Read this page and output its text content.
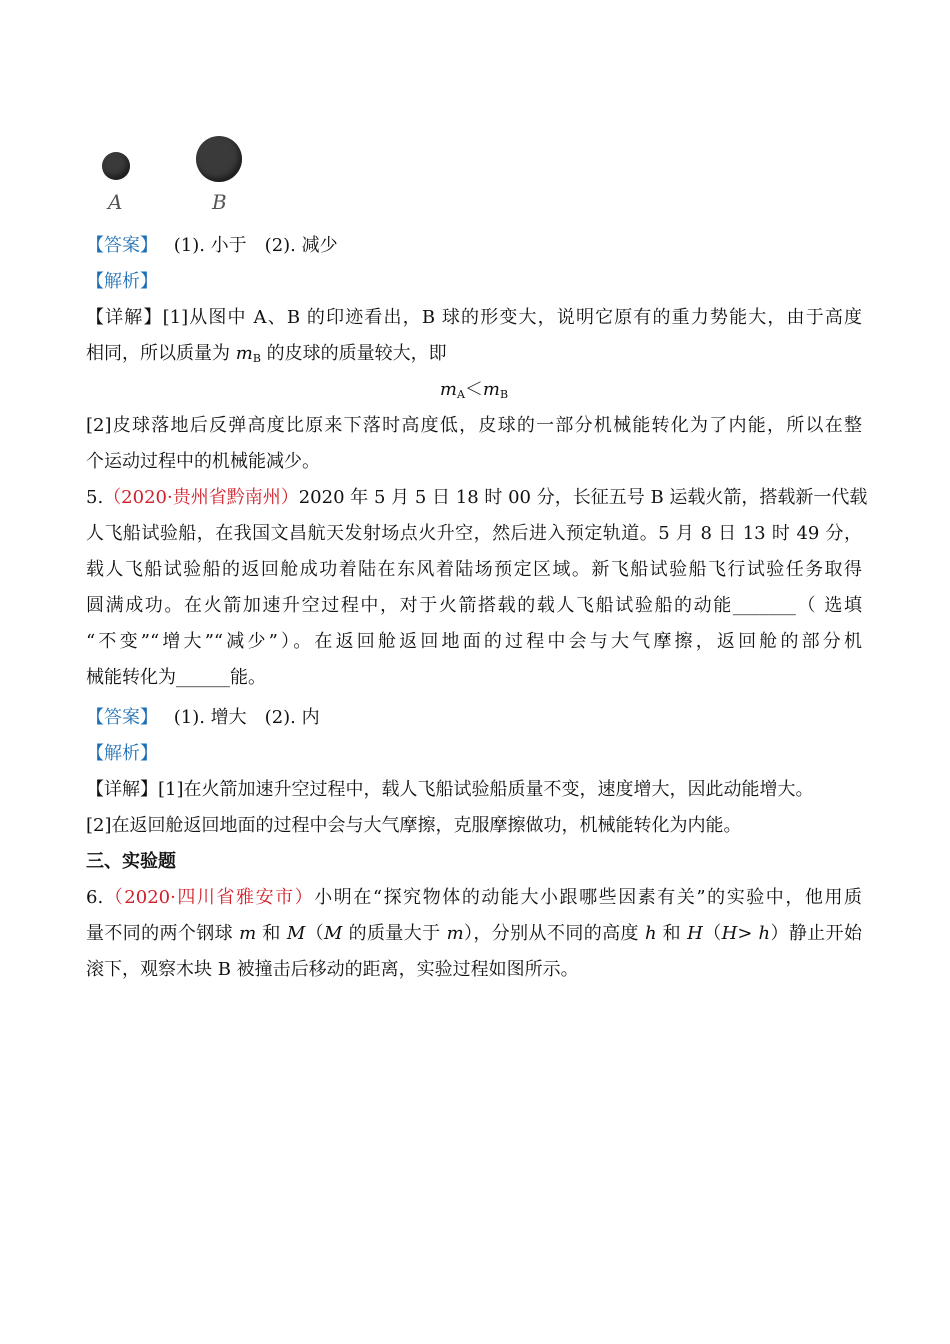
A	B
【答案】 (1). 小于　(2). 减少
【解析】
【详解】[1]从图中 A、B 的印迹看出，B 球的形变大，说明它原有的重力势能大，由于高度
相同，所以质量为 $m_B$ 的皮球的质量较大，即
$m_A<m_B$
[2]皮球落地后反弹高度比原来下落时高度低，皮球的一部分机械能转化为了内能，所以在整
个运动过程中的机械能减少。
5.（2020·贵州省黔南州）2020 年 5 月 5 日 18 时 00 分，长征五号 B 运载火箭，搭载新一代载
人飞船试验船，在我国文昌航天发射场点火升空，然后进入预定轨道。5 月 8 日 13 时 49 分，
载人飞船试验船的返回舱成功着陆在东风着陆场预定区域。新飞船试验船飞行试验任务取得
圆满成功。在火箭加速升空过程中，对于火箭搭载的载人飞船试验船的动能_______（ 选填
“不变”“增大”“减少”）。在返回舱返回地面的过程中会与大气摩擦，返回舱的部分机
械能转化为______能。
【答案】 (1). 增大　(2). 内
【解析】
【详解】[1]在火箭加速升空过程中，载人飞船试验船质量不变，速度增大，因此动能增大。
[2]在返回舱返回地面的过程中会与大气摩擦，克服摩擦做功，机械能转化为内能。
三、实验题
6.（2020·四川省雅安市）小明在“探究物体的动能大小跟哪些因素有关”的实验中，他用质
量不同的两个钢球 m 和 M（M 的质量大于 m），分别从不同的高度 h 和 H（H> h）静止开始
滚下，观察木块 B 被撞击后移动的距离，实验过程如图所示。
